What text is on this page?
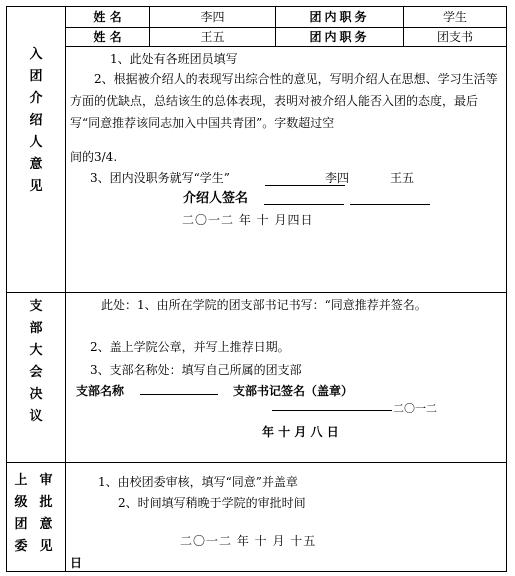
姓 名	李四	团内职务	学生
姓 名	王五	团内职务	团支书
入团介绍人意见
1、此处有各班团员填写
2、根据被介绍人的表现写出综合性的意见，写明介绍人在思想、学习生活等方面的优缺点，总结该生的总体表现，表明对被介绍人能否入团的态度，最后写“同意推荐该同志加入中国共青团”。字数超过空
间的3/4.
3、团内没职务就写“学生”	李四	王五
介绍人签名
二〇一二 年 十 月四日
支部大会决议
此处：1、由所在学院的团支部书记书写：“同意推荐并签名。
2、盖上学院公章，并写上推荐日期。
3、支部名称处：填写自己所属的团支部
支部名称	支部书记签名（盖章）
二〇一二
年 十 月 八 日
上级团委
审批意见
1、由校团委审核，填写“同意”并盖章
2、时间填写稍晚于学院的审批时间
二〇一二 年 十 月 十五
日
